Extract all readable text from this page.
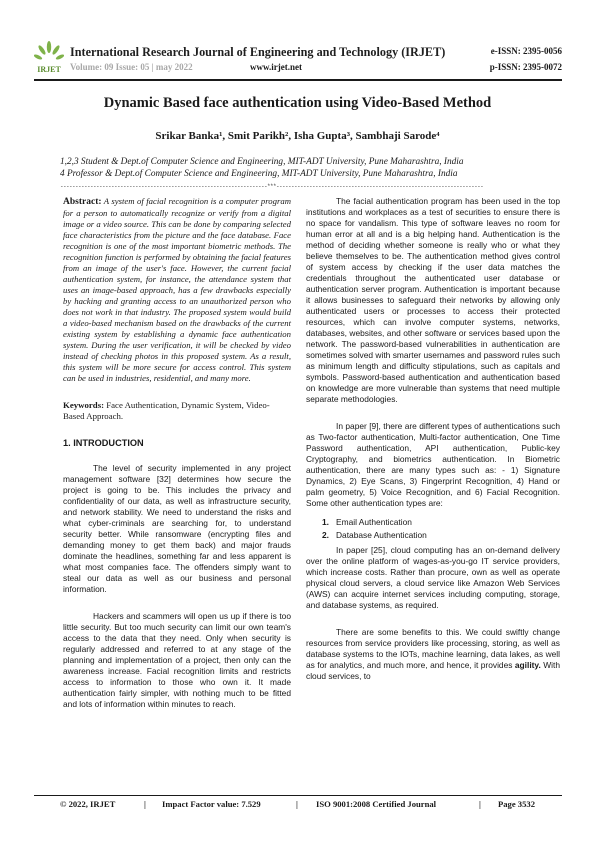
IRJET
International Research Journal of Engineering and Technology (IRJET)
Volume: 09 Issue: 05 | may 2022	www.irjet.net
e-ISSN: 2395-0056
p-ISSN: 2395-0072
Dynamic Based face authentication using Video-Based Method
Srikar Banka¹, Smit Parikh², Isha Gupta³, Sambhaji Sarode⁴
1,2,3 Student & Dept.of Computer Science and Engineering, MIT-ADT University, Pune Maharashtra, India
4 Professor & Dept.of Computer Science and Engineering, MIT-ADT University, Pune Maharashtra, India
---------------------------------------------------------------------***---------------------------------------------------------------------

Abstract: A system of facial recognition is a computer program for a person to automatically recognize or verify from a digital image or a video source. This can be done by comparing selected face characteristics from the picture and the face database. Face recognition is one of the most important biometric methods. The recognition function is performed by obtaining the facial features from an image of the user's face. However, the current facial authentication system, for instance, the attendance system that uses an image-based approach, has a few drawbacks especially by hacking and granting access to an unauthorized person who does not work in that industry. The proposed system would build a video-based mechanism based on the drawbacks of the current existing system by establishing a dynamic face authentication system. During the user verification, it will be checked by video instead of checking photos in this proposed system. As a result, this system will be more secure for access control. This system can be used in industries, residential, and many more.

Keywords: Face Authentication, Dynamic System, Video-Based Approach.

1. INTRODUCTION

The level of security implemented in any project management software [32] determines how secure the project is going to be. This includes the privacy and confidentiality of our data, as well as infrastructure security, and network stability. We need to understand the risks and what cyber-criminals are searching for, to understand security better. While ransomware (encrypting files and demanding money to get them back) and major frauds dominate the headlines, something far and less apparent is what most companies face. The offenders simply want to steal our data as well as our business and personal information.

Hackers and scammers will open us up if there is too little security. But too much security can limit our own team's access to the data that they need. Only when security is regularly addressed and referred to at any stage of the planning and implementation of a project, then only can the awareness increase. Facial recognition limits and restricts access to information to those who own it. It made authentication fairly simpler, with nothing much to be fitted and lots of information within minutes to reach.

The facial authentication program has been used in the top institutions and workplaces as a test of securities to ensure there is no space for vandalism. This type of software leaves no room for human error at all and is a big helping hand. Authentication is the method of deciding whether someone is really who or what they believe themselves to be. The authentication method gives control of system access by checking if the user data matches the credentials throughout the authenticated user database or authentication server program. Authentication is important because it allows businesses to safeguard their networks by allowing only authenticated users or processes to access their protected resources, which can involve computer systems, networks, databases, websites, and other software or services based upon the network. The password-based vulnerabilities in authentication are sometimes solved with smarter usernames and password rules such as minimum length and difficulty stipulations, such as capitals and symbols. Password-based authentication and authentication based on knowledge are more vulnerable than systems that need multiple separate methodologies.

In paper [9], there are different types of authentications such as Two-factor authentication, Multi-factor authentication, One Time Password authentication, API authentication, Public-key Cryptography, and biometrics authentication. In Biometric authentication, there are many types such as: - 1) Signature Dynamics, 2) Eye Scans, 3) Fingerprint Recognition, 4) Hand or palm geometry, 5) Voice Recognition, and 6) Facial Recognition. Some other authentication types are:

1. Email Authentication
2. Database Authentication

In paper [25], cloud computing has an on-demand delivery over the online platform of wages-as-you-go IT service providers, which increase costs. Rather than procure, own as well as operate physical cloud servers, a cloud service like Amazon Web Services (AWS) can acquire internet services including computing, storage, and database systems, as required.

There are some benefits to this. We could swiftly change resources from service providers like processing, storing, as well as database systems to the IOTs, machine learning, data lakes, as well as for analytics, and much more, and hence, it provides agility. With cloud services, to

© 2022, IRJET	| Impact Factor value: 7.529	| ISO 9001:2008 Certified Journal	| Page 3532
